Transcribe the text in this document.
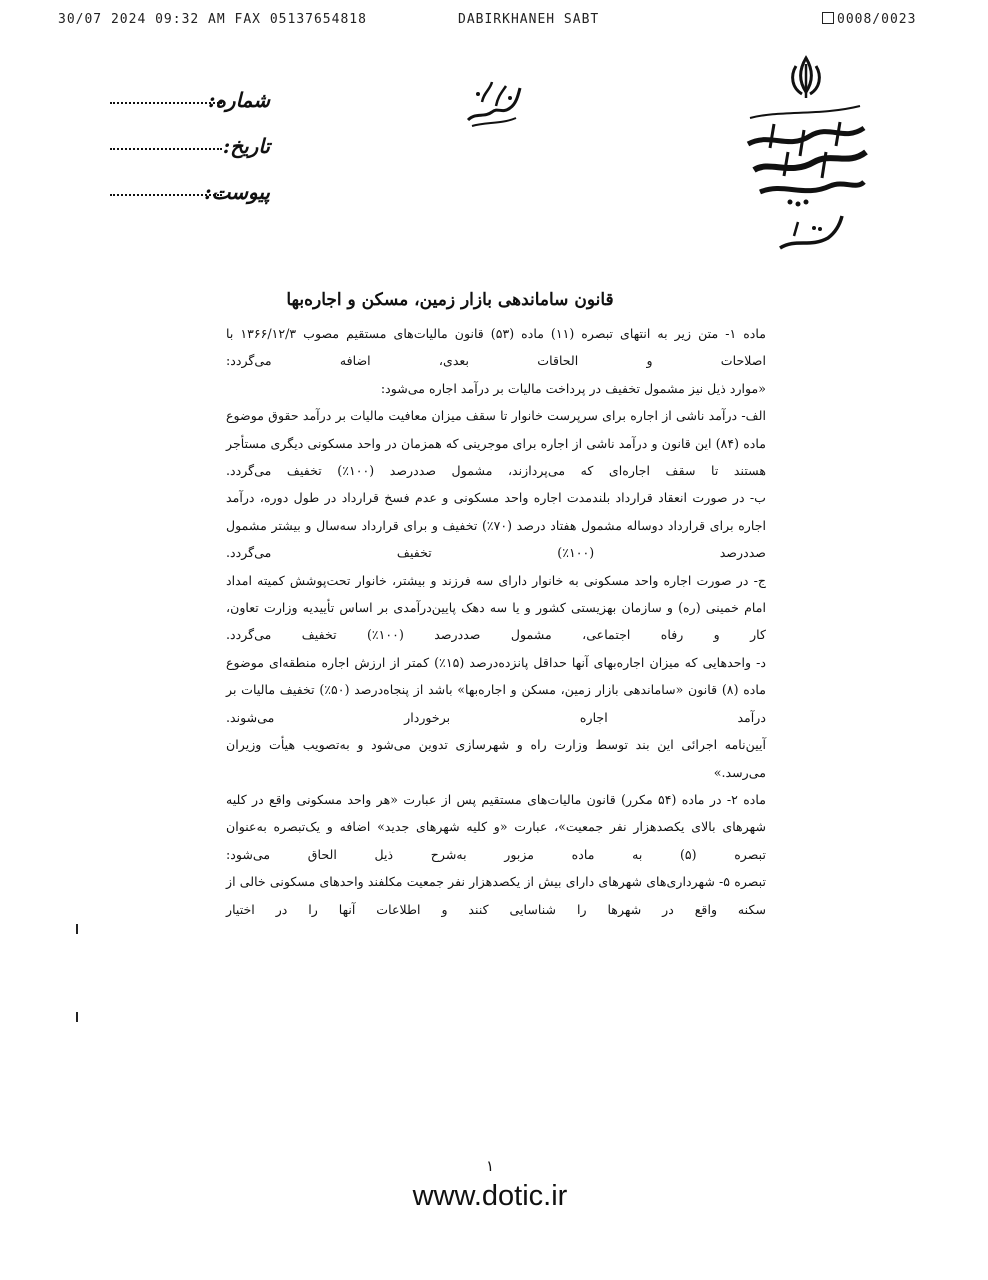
30/07 2024 09:32 AM FAX 05137654818	DABIRKHANEH SABT	0008/0023
شماره:
تاریخ:
پیوست:
قانون ساماندهی بازار زمین، مسکن و اجاره‌بها

ماده ۱- متن زیر به انتهای تبصره (۱۱) ماده (۵۳) قانون مالیات‌های مستقیم مصوب ۱۳۶۶/۱۲/۳ با اصلاحات و الحاقات بعدی، اضافه می‌گردد:

«موارد ذیل نیز مشمول تخفیف در پرداخت مالیات بر درآمد اجاره می‌شود:

الف- درآمد ناشی از اجاره برای سرپرست خانوار تا سقف میزان معافیت مالیات بر درآمد حقوق موضوع ماده (۸۴) این قانون و درآمد ناشی از اجاره برای موجرینی که همزمان در واحد مسکونی دیگری مستأجر هستند تا سقف اجاره‌ای که می‌پردازند، مشمول صددرصد (۱۰۰٪) تخفیف می‌گردد.

ب- در صورت انعقاد قرارداد بلندمدت اجاره واحد مسکونی و عدم فسخ قرارداد در طول دوره، درآمد اجاره برای قرارداد دوساله مشمول هفتاد درصد (۷۰٪) تخفیف و برای قرارداد سه‌سال و بیشتر مشمول صددرصد (۱۰۰٪) تخفیف می‌گردد.

ج- در صورت اجاره واحد مسکونی به خانوار دارای سه فرزند و بیشتر، خانوار تحت‌پوشش کمیته امداد امام خمینی (ره) و سازمان بهزیستی کشور و یا سه دهک پایین‌درآمدی بر اساس تأییدیه وزارت تعاون، کار و رفاه اجتماعی، مشمول صددرصد (۱۰۰٪) تخفیف می‌گردد.

د- واحدهایی که میزان اجاره‌بهای آنها حداقل پانزده‌درصد (۱۵٪) کمتر از ارزش اجاره منطقه‌ای موضوع ماده (۸) قانون «ساماندهی بازار زمین، مسکن و اجاره‌بها» باشد از پنجاه‌درصد (۵۰٪) تخفیف مالیات بر درآمد اجاره برخوردار می‌شوند.

آیین‌نامه اجرائی این بند توسط وزارت راه و شهرسازی تدوین می‌شود و به‌تصویب هیأت وزیران می‌رسد.»

ماده ۲- در ماده (۵۴ مکرر) قانون مالیات‌های مستقیم پس از عبارت «هر واحد مسکونی واقع در کلیه شهرهای بالای یکصدهزار نفر جمعیت»، عبارت «و کلیه شهرهای جدید» اضافه و یک‌تبصره به‌عنوان تبصره (۵) به ماده مزبور به‌شرح ذیل الحاق می‌شود:

تبصره ۵- شهرداری‌های شهرهای دارای بیش از یکصدهزار نفر جمعیت مکلفند واحدهای مسکونی خالی از سکنه واقع در شهرها را شناسایی کنند و اطلاعات آنها را در اختیار

۱
www.dotic.ir
